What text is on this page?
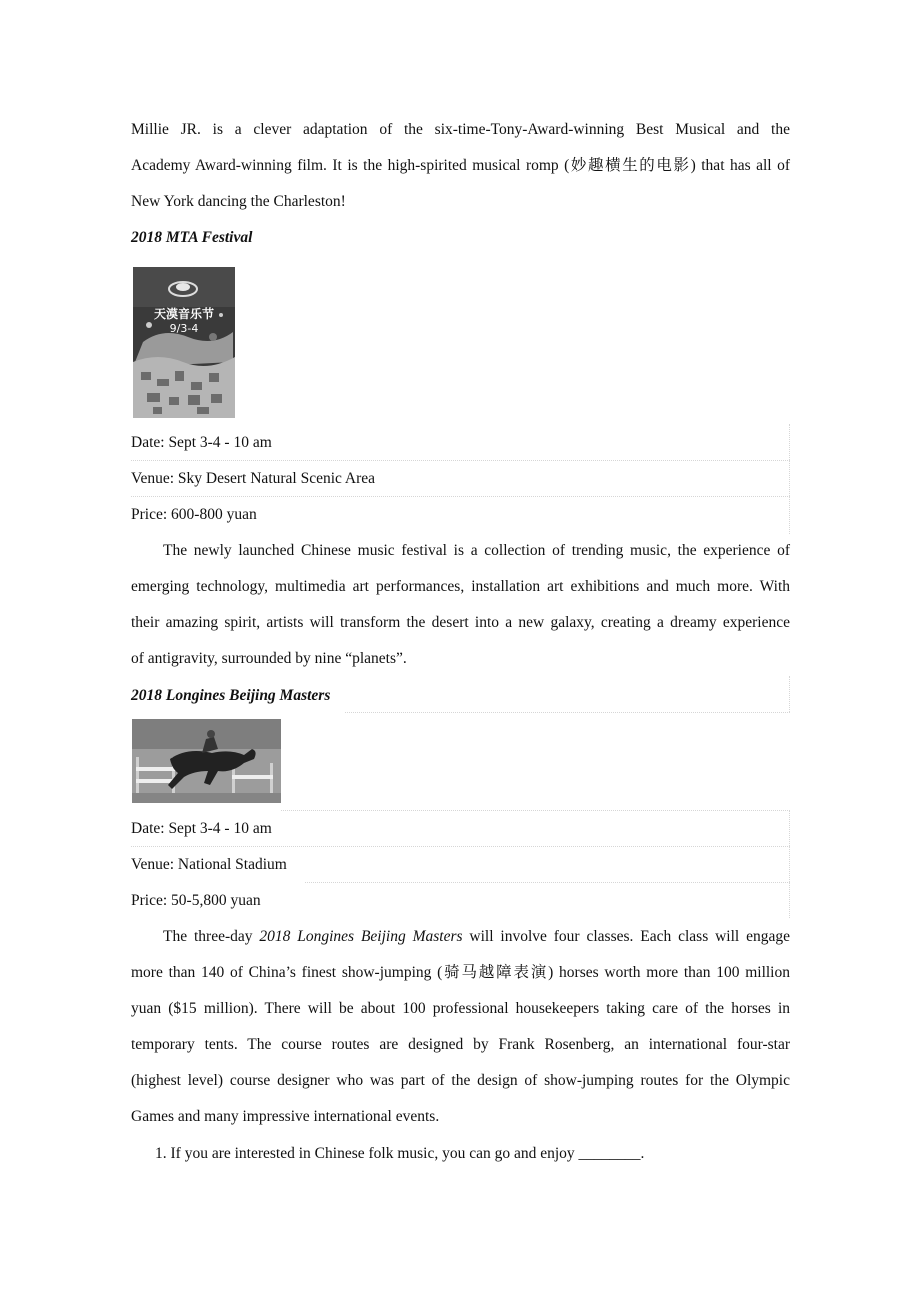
Millie JR. is a clever adaptation of the six-time-Tony-Award-winning Best Musical and the
Academy Award-winning film. It is the high-spirited musical romp (妙趣横生的电影) that has all of
New York dancing the Charleston!
2018 MTA Festival
天漠音乐节
9/3-4
Date: Sept 3-4 - 10 am
Venue: Sky Desert Natural Scenic Area
Price: 600-800 yuan
The newly launched Chinese music festival is a collection of trending music, the experience of
emerging technology, multimedia art performances, installation art exhibitions and much more. With
their amazing spirit, artists will transform the desert into a new galaxy, creating a dreamy experience
of antigravity, surrounded by nine “planets”.
2018 Longines Beijing Masters
Date: Sept 3-4 - 10 am
Venue: National Stadium
Price: 50-5,800 yuan
The three-day 2018 Longines Beijing Masters will involve four classes. Each class will engage
more than 140 of China’s finest show-jumping (骑马越障表演) horses worth more than 100 million
yuan ($15 million). There will be about 100 professional housekeepers taking care of the horses in
temporary tents. The course routes are designed by Frank Rosenberg, an international four-star
(highest level) course designer who was part of the design of show-jumping routes for the Olympic
Games and many impressive international events.
1. If you are interested in Chinese folk music, you can go and enjoy ________.
